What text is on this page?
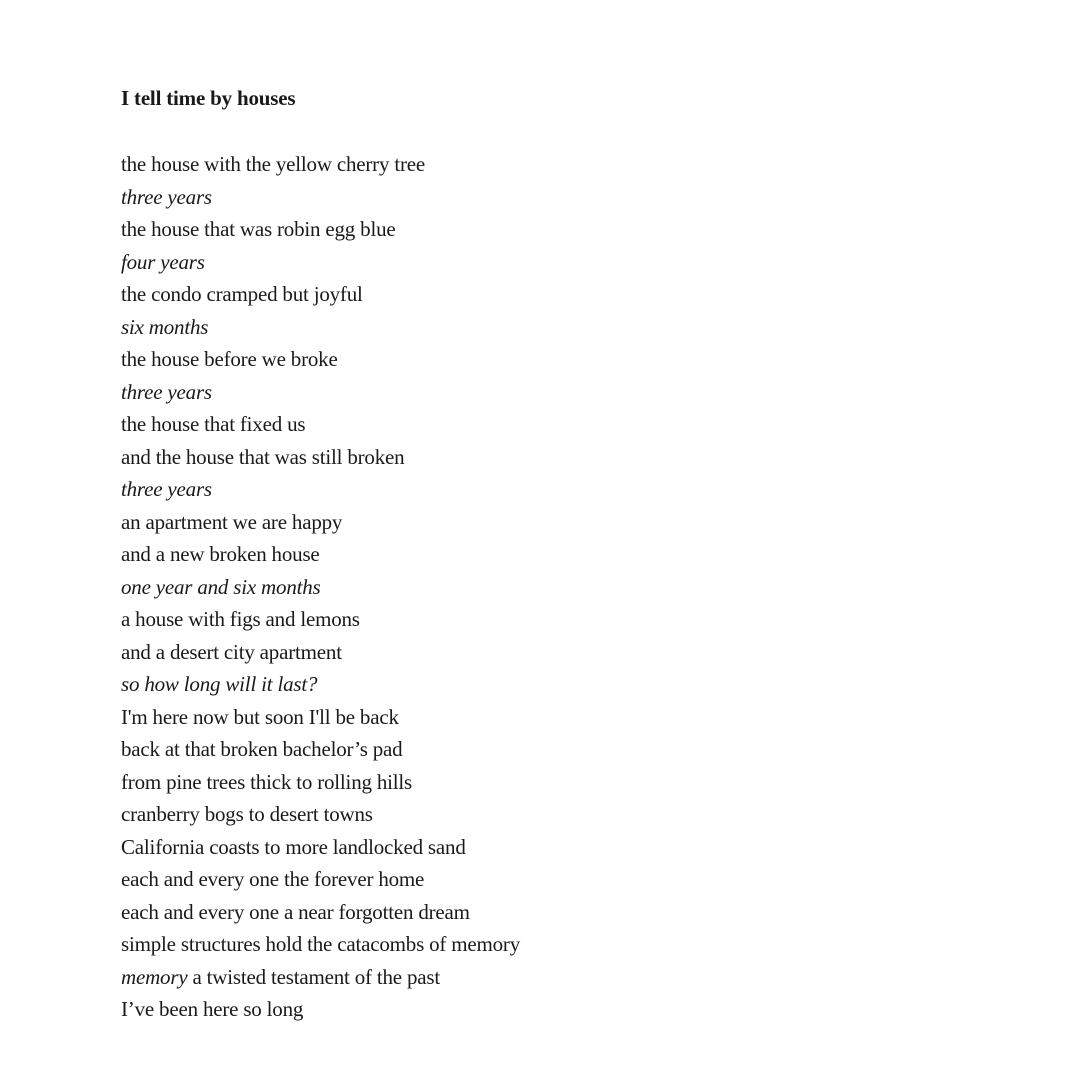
I tell time by houses
the house with the yellow cherry tree
three years
the house that was robin egg blue
four years
the condo cramped but joyful
six months
the house before we broke
three years
the house that fixed us
and the house that was still broken
three years
an apartment we are happy
and a new broken house
one year and six months
a house with figs and lemons
and a desert city apartment
so how long will it last?
I'm here now but soon I'll be back
back at that broken bachelor’s pad
from pine trees thick to rolling hills
cranberry bogs to desert towns
California coasts to more landlocked sand
each and every one the forever home
each and every one a near forgotten dream
simple structures hold the catacombs of memory
memory a twisted testament of the past
I’ve been here so long
